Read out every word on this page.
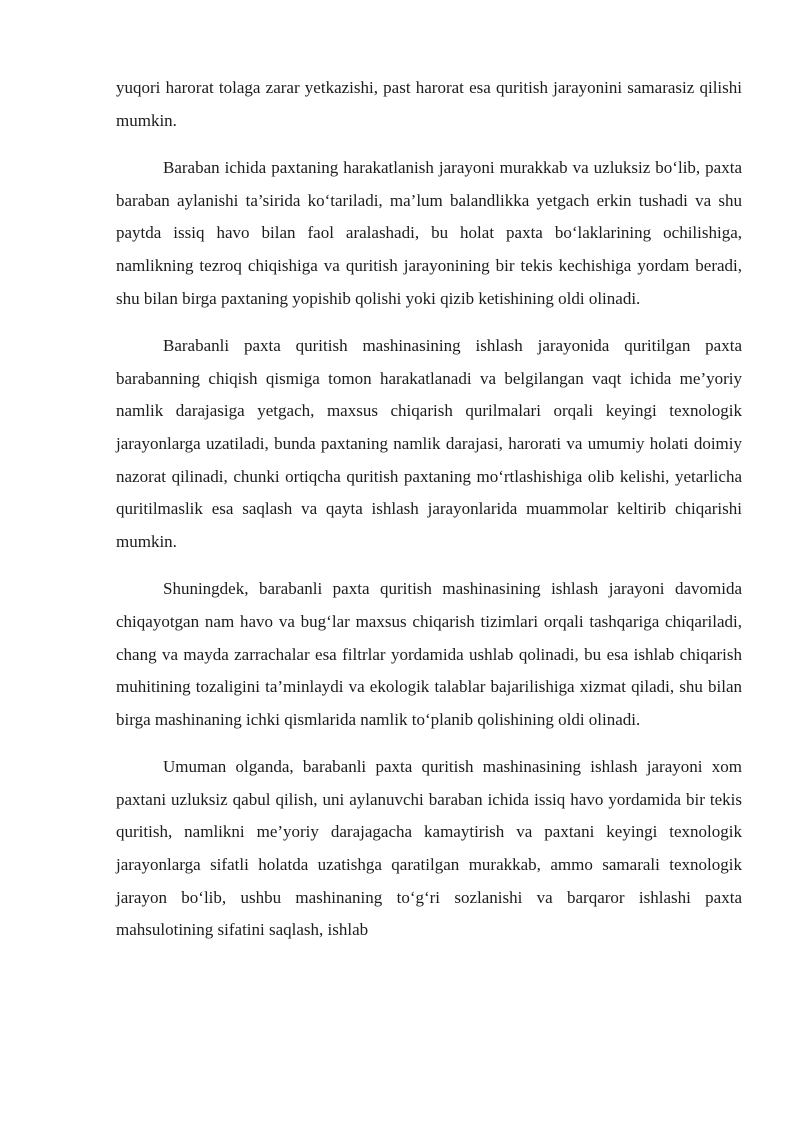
yuqori harorat tolaga zarar yetkazishi, past harorat esa quritish jarayonini samarasiz qilishi mumkin.

Baraban ichida paxtaning harakatlanish jarayoni murakkab va uzluksiz bo‘lib, paxta baraban aylanishi ta’sirida ko‘tariladi, ma’lum balandlikka yetgach erkin tushadi va shu paytda issiq havo bilan faol aralashadi, bu holat paxta bo‘laklarining ochilishiga, namlikning tezroq chiqishiga va quritish jarayonining bir tekis kechishiga yordam beradi, shu bilan birga paxtaning yopishib qolishi yoki qizib ketishining oldi olinadi.

Barabanli paxta quritish mashinasining ishlash jarayonida quritilgan paxta barabanning chiqish qismiga tomon harakatlanadi va belgilangan vaqt ichida me’yoriy namlik darajasiga yetgach, maxsus chiqarish qurilmalari orqali keyingi texnologik jarayonlarga uzatiladi, bunda paxtaning namlik darajasi, harorati va umumiy holati doimiy nazorat qilinadi, chunki ortiqcha quritish paxtaning mo‘rtlashishiga olib kelishi, yetarlicha quritilmaslik esa saqlash va qayta ishlash jarayonlarida muammolar keltirib chiqarishi mumkin.

Shuningdek, barabanli paxta quritish mashinasining ishlash jarayoni davomida chiqayotgan nam havo va bug‘lar maxsus chiqarish tizimlari orqali tashqariga chiqariladi, chang va mayda zarrachalar esa filtrlar yordamida ushlab qolinadi, bu esa ishlab chiqarish muhitining tozaligini ta’minlaydi va ekologik talablar bajarilishiga xizmat qiladi, shu bilan birga mashinaning ichki qismlarida namlik to‘planib qolishining oldi olinadi.

Umuman olganda, barabanli paxta quritish mashinasining ishlash jarayoni xom paxtani uzluksiz qabul qilish, uni aylanuvchi baraban ichida issiq havo yordamida bir tekis quritish, namlikni me’yoriy darajagacha kamaytirish va paxtani keyingi texnologik jarayonlarga sifatli holatda uzatishga qaratilgan murakkab, ammo samarali texnologik jarayon bo‘lib, ushbu mashinaning to‘g‘ri sozlanishi va barqaror ishlashi paxta mahsulotining sifatini saqlash, ishlab
